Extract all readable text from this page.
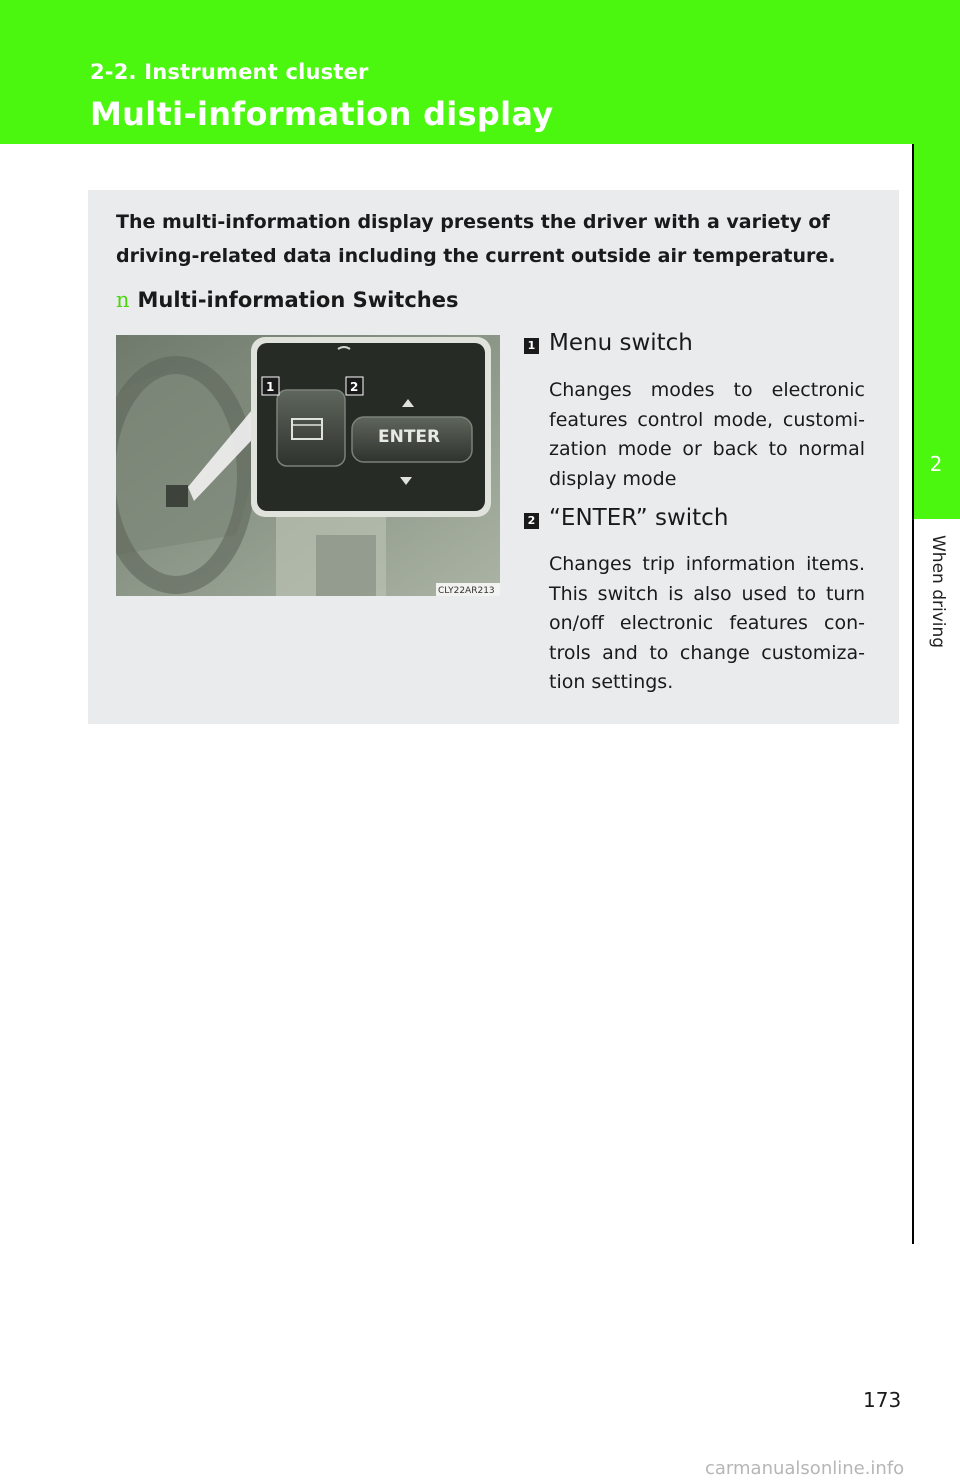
2-2. Instrument cluster
Multi-information display
2
When driving
The multi-information display presents the driver with a variety of driving-related data including the current outside air temperature.
n Multi-information Switches
ENTER
1	2
CLY22AR213
1 Menu switch
Changes modes to electronic features control mode, customi- zation mode or back to normal display mode
2 “ENTER” switch
Changes trip information items. This switch is also used to turn on/off electronic features con- trols and to change customiza- tion settings.
173
carmanualsonline.info
